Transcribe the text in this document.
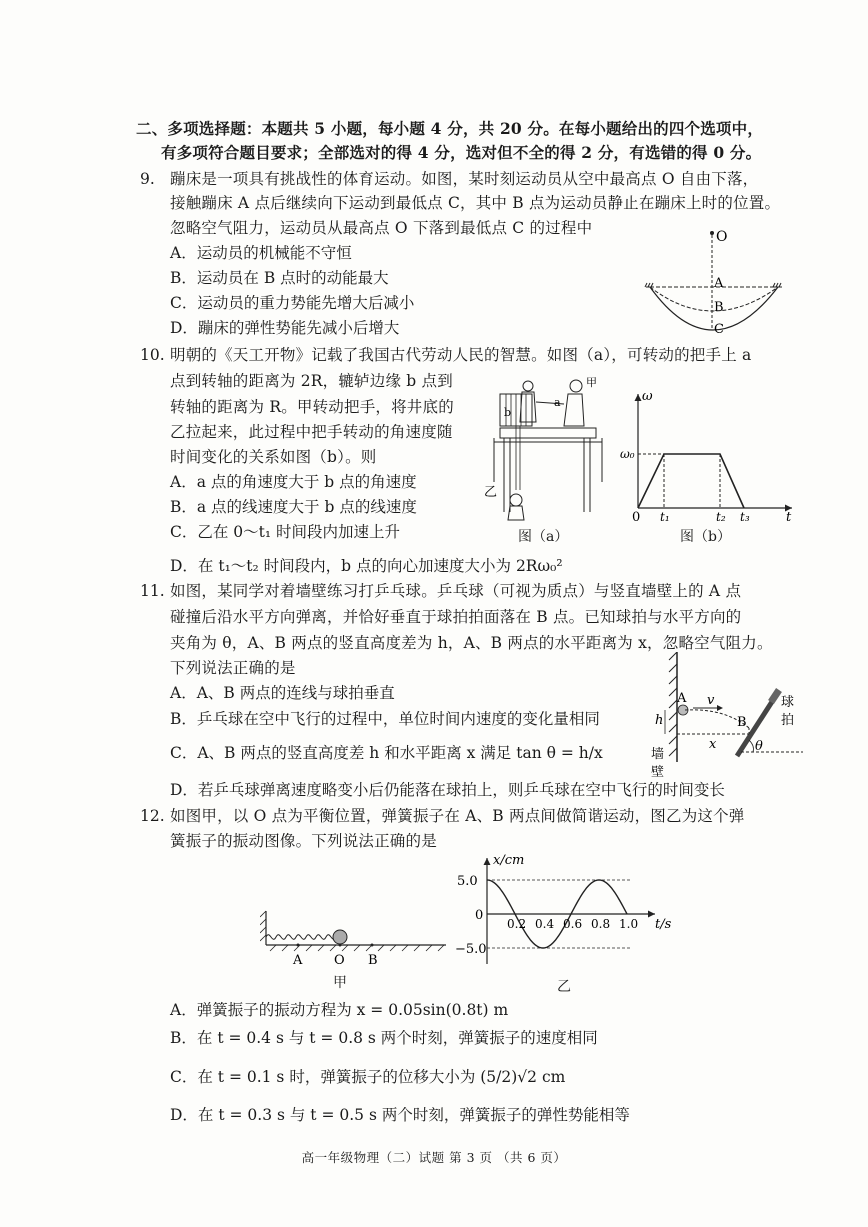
二、多项选择题：本题共 5 小题，每小题 4 分，共 20 分。在每小题给出的四个选项中，
有多项符合题目要求；全部选对的得 4 分，选对但不全的得 2 分，有选错的得 0 分。
9. 蹦床是一项具有挑战性的体育运动。如图，某时刻运动员从空中最高点 O 自由下落，
接触蹦床 A 点后继续向下运动到最低点 C，其中 B 点为运动员静止在蹦床上时的位置。
忽略空气阻力，运动员从最高点 O 下落到最低点 C 的过程中
A．运动员的机械能不守恒
B．运动员在 B 点时的动能最大
C．运动员的重力势能先增大后减小
D．蹦床的弹性势能先减小后增大
O
A
B
C
10. 明朝的《天工开物》记载了我国古代劳动人民的智慧。如图（a），可转动的把手上 a
点到转轴的距离为 2R，辘轳边缘 b 点到
转轴的距离为 R。甲转动把手，将井底的
乙拉起来，此过程中把手转动的角速度随
时间变化的关系如图（b）。则
A．a 点的角速度大于 b 点的角速度
B．a 点的线速度大于 b 点的线速度
C．乙在 0～t₁ 时间段内加速上升
D．在 t₁～t₂ 时间段内，b 点的向心加速度大小为 2Rω₀²
甲
乙
a
b
图（a）
ω
ω₀
0 t₁	t₂ t₃	t
图（b）
11. 如图，某同学对着墙壁练习打乒乓球。乒乓球（可视为质点）与竖直墙壁上的 A 点
碰撞后沿水平方向弹离，并恰好垂直于球拍拍面落在 B 点。已知球拍与水平方向的
夹角为 θ，A、B 两点的竖直高度差为 h，A、B 两点的水平距离为 x，忽略空气阻力。
下列说法正确的是
A．A、B 两点的连线与球拍垂直
B．乒乓球在空中飞行的过程中，单位时间内速度的变化量相同
C．A、B 两点的竖直高度差 h 和水平距离 x 满足 tan θ = h/x
D．若乒乓球弹离速度略变小后仍能落在球拍上，则乒乓球在空中飞行的时间变长
A
B
v
h
x	θ
墙
壁
球
拍
12. 如图甲，以 O 点为平衡位置，弹簧振子在 A、B 两点间做简谐运动，图乙为这个弹
簧振子的振动图像。下列说法正确的是
A O B
甲
x/cm
5.0
−5.0
0
0.2 0.4 0.6 0.8 1.0 t/s
乙
A．弹簧振子的振动方程为 x = 0.05sin(0.8t) m
B．在 t = 0.4 s 与 t = 0.8 s 两个时刻，弹簧振子的速度相同
C．在 t = 0.1 s 时，弹簧振子的位移大小为 (5/2)√2 cm
D．在 t = 0.3 s 与 t = 0.5 s 两个时刻，弹簧振子的弹性势能相等
高一年级物理（二）试题 第 3 页 （共 6 页）
